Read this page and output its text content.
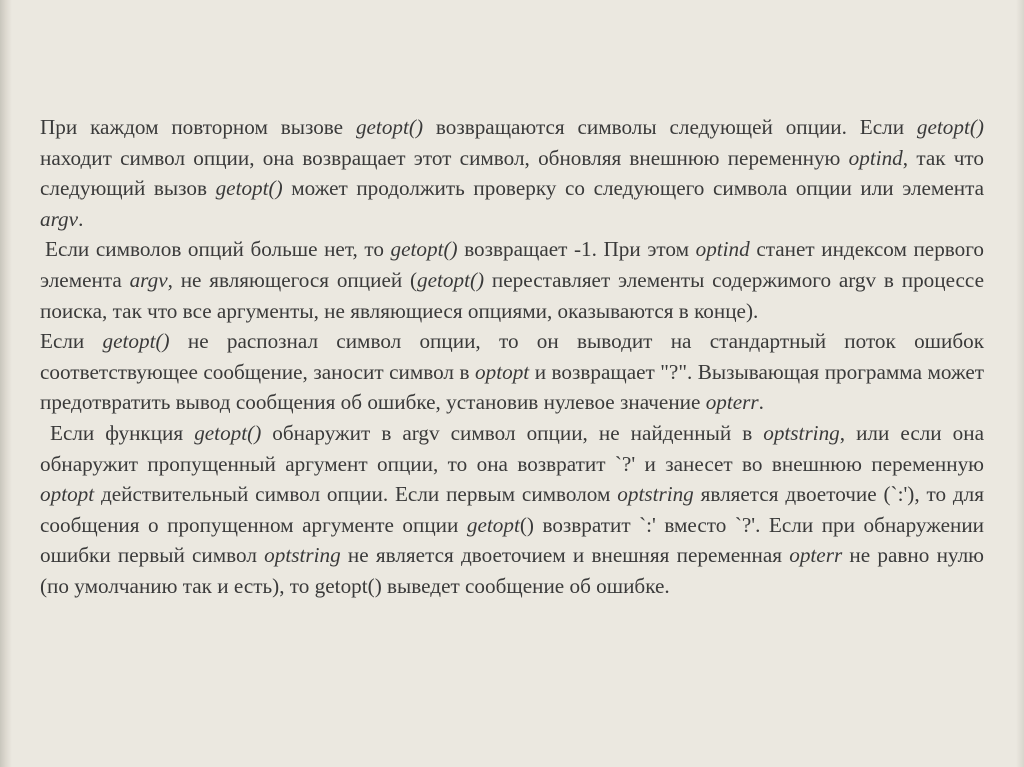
При каждом повторном вызове getopt() возвращаются символы следующей опции. Если getopt() находит символ опции, она возвращает этот символ, обновляя внешнюю переменную optind, так что следующий вызов getopt() может продолжить проверку со следующего символа опции или элемента argv.

Если символов опций больше нет, то getopt() возвращает -1. При этом optind станет индексом первого элемента argv, не являющегося опцией (getopt() переставляет элементы содержимого argv в процессе поиска, так что все аргументы, не являющиеся опциями, оказываются в конце).

Если getopt() не распознал символ опции, то он выводит на стандартный поток ошибок соответствующее сообщение, заносит символ в optopt и возвращает "?". Вызывающая программа может предотвратить вывод сообщения об ошибке, установив нулевое значение opterr.

Если функция getopt() обнаружит в argv символ опции, не найденный в optstring, или если она обнаружит пропущенный аргумент опции, то она возвратит `?' и занесет во внешнюю переменную optopt действительный символ опции. Если первым символом optstring является двоеточие (`:'), то для сообщения о пропущенном аргументе опции getopt() возвратит `:' вместо `?'. Если при обнаружении ошибки первый символ optstring не является двоеточием и внешняя переменная opterr не равно нулю (по умолчанию так и есть), то getopt() выведет сообщение об ошибке.
